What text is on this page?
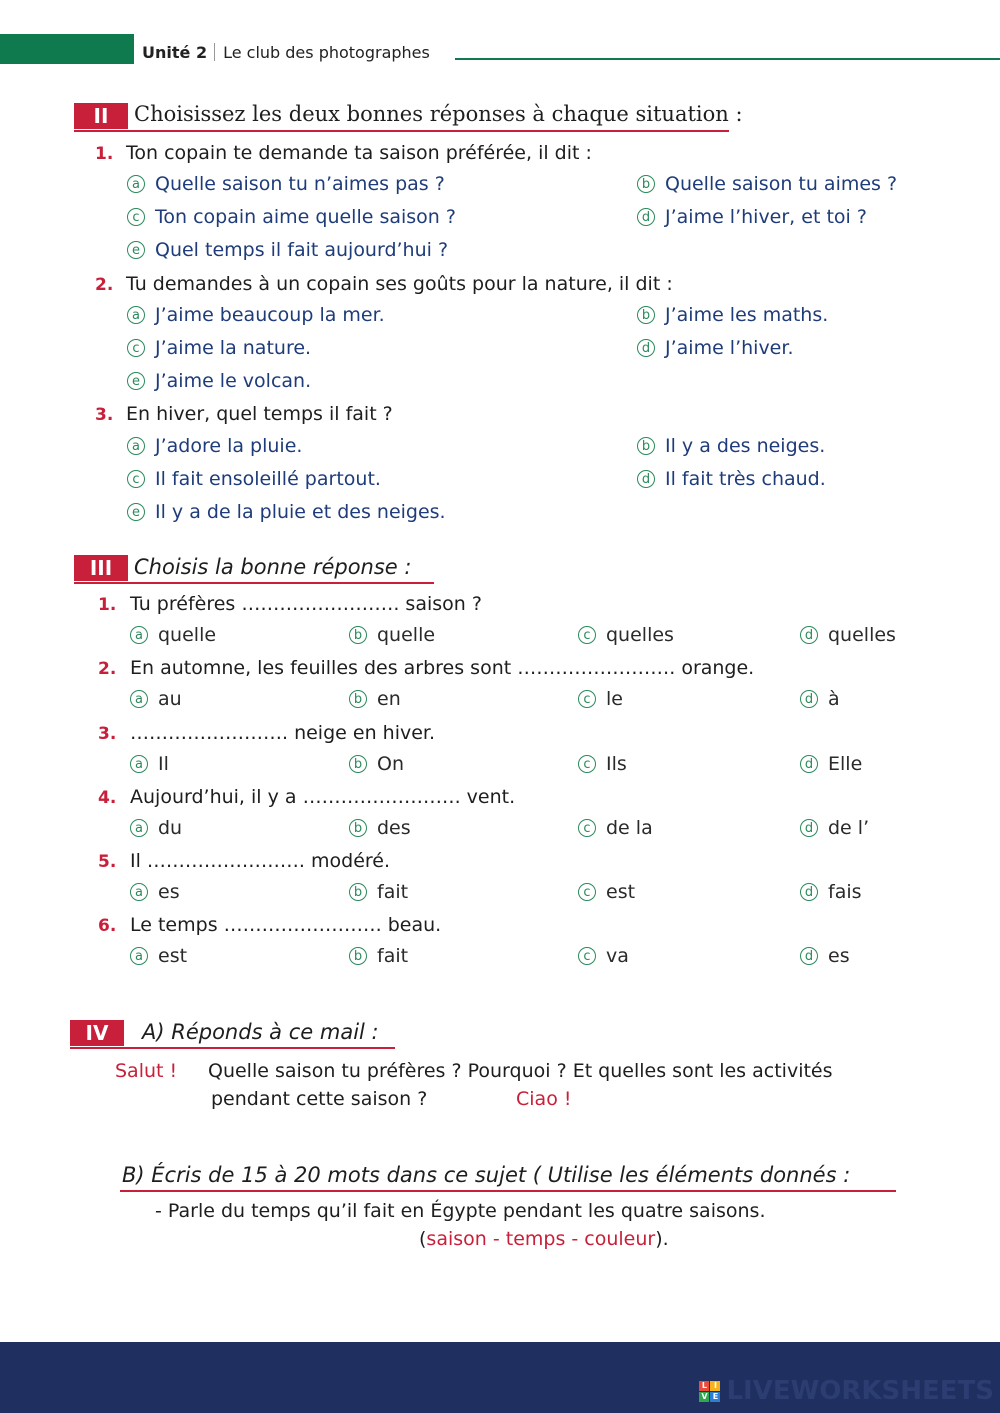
Unité 2 Le club des photographes
II	Choisissez les deux bonnes réponses à chaque situation :
1. Ton copain te demande ta saison préférée, il dit :
a Quelle saison tu n’aimes pas ?	b Quelle saison tu aimes ?
c Ton copain aime quelle saison ?	d J’aime l’hiver, et toi ?
e Quel temps il fait aujourd’hui ?
2. Tu demandes à un copain ses goûts pour la nature, il dit :
a J’aime beaucoup la mer.	b J’aime les maths.
c J’aime la nature.	d J’aime l’hiver.
e J’aime le volcan.
3. En hiver, quel temps il fait ?
a J’adore la pluie.	b Il y a des neiges.
c Il fait ensoleillé partout.	d Il fait très chaud.
e Il y a de la pluie et des neiges.
III	Choisis la bonne réponse :
1. Tu préfères ……………………. saison ?
a quelle	b quelle	c quelles	d quelles
2. En automne, les feuilles des arbres sont ……………………. orange.
a au	b en	c le	d à
3. ……………………. neige en hiver.
a Il	b On	c Ils	d Elle
4. Aujourd’hui, il y a ……………………. vent.
a du	b des	c de la	d de l’
5. Il ……………………. modéré.
a es	b fait	c est	d fais
6. Le temps ……………………. beau.
a est	b fait	c va	d es
IV	A) Réponds à ce mail :
Salut ! Quelle saison tu préfères ? Pourquoi ? Et quelles sont les activités
pendant cette saison ?	Ciao !
B) Écris de 15 à 20 mots dans ce sujet ( Utilise les éléments donnés :
- Parle du temps qu’il fait en Égypte pendant les quatre saisons.
(saison - temps - couleur).
L I
V E LIVEWORKSHEETS
